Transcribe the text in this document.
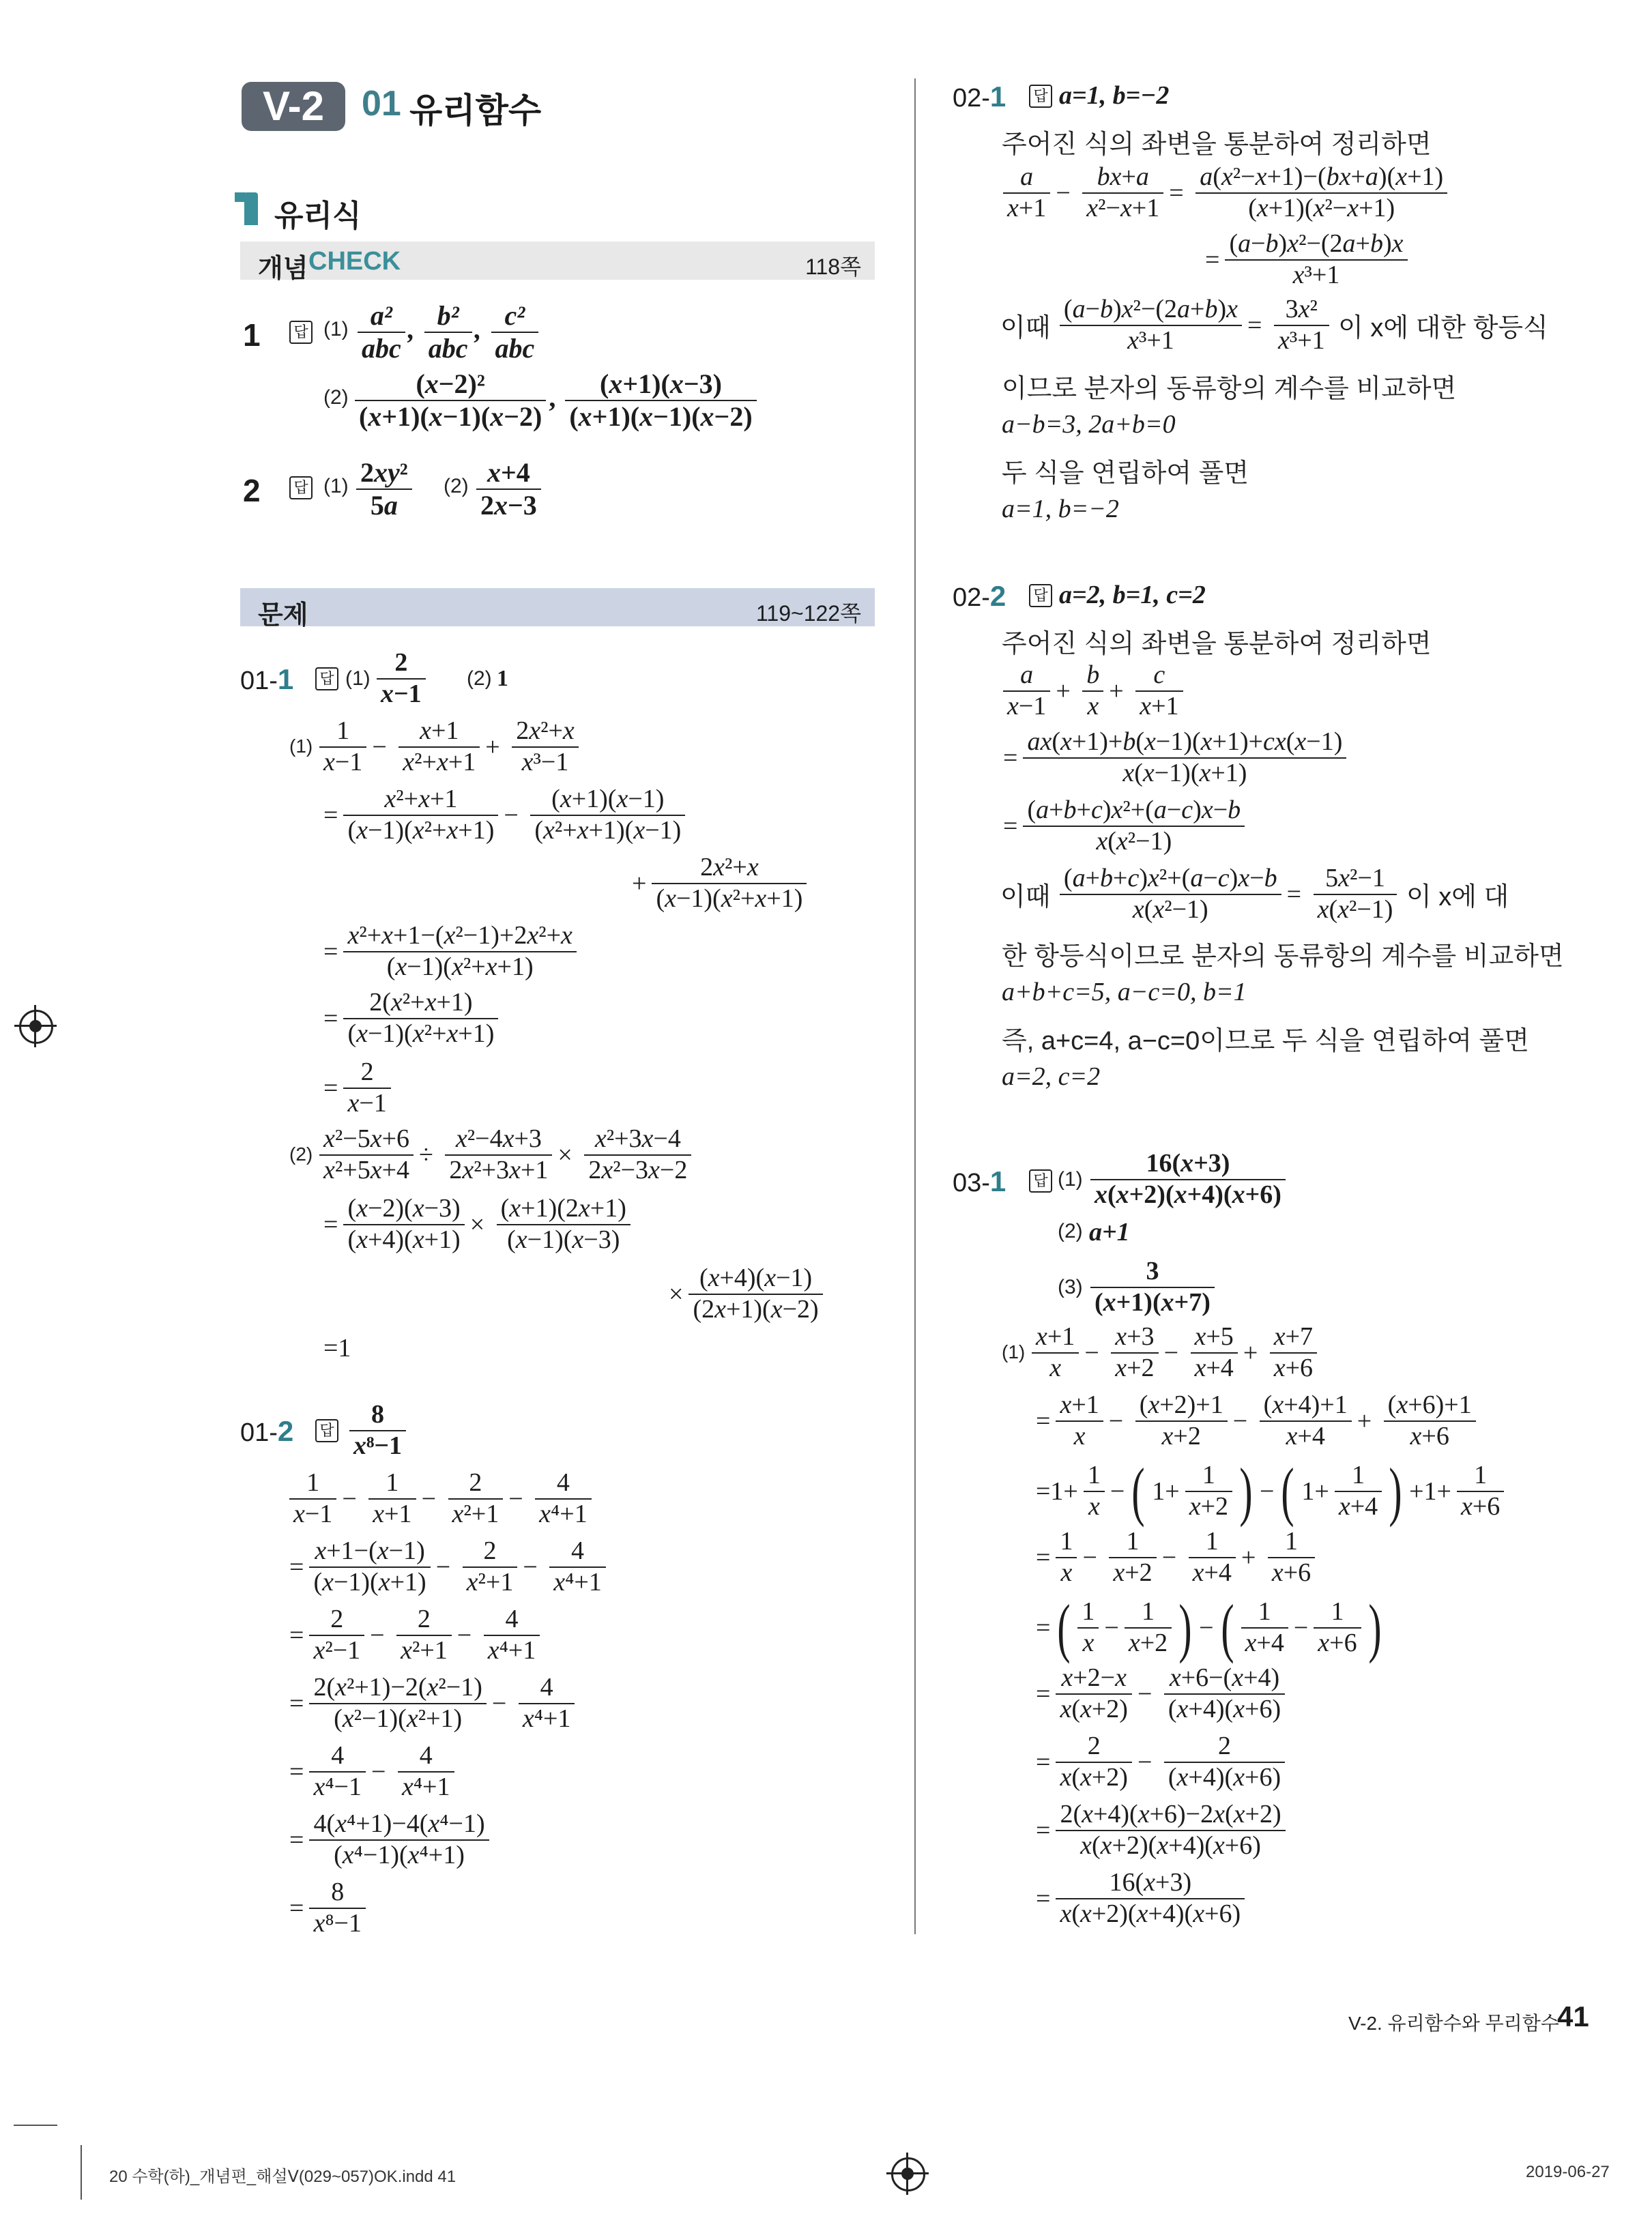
V-2	01 유리함수
유리식
개념 CHECK	118쪽
1 답 (1) a²
abc
, b²
abc
, c²
abc
$(2) \frac{\text{(x−2)²}}{(x+1)(x-1)(x-2)}$ , $\frac{(x+1)(x-3)}{(x+1)(x-1)(x-2)}$
2 답 $(1) \frac{\text{2xy²}}{5a} (2) \frac{x+4}{2x-3}$
문제	119~122쪽
01-1 답 $(1) \frac{2}{x-1} (2)$ 1
$(1) \frac{1}{x-1} - \frac{x+1}{\text{x²+x+1}} + \frac{\text{2x²+x}}{\text{x³−1}}$
= $\frac{\text{x²+x+1}}{\text{(x−1)(x²+x+1)}} - \frac{(x+1)(x-1)}{\text{(x²+x+1)(x−1)}}$
+ $\frac{\text{2x²+x}}{\text{(x−1)(x²+x+1)}}$
= $\frac{\text{x²+x+1−(x²−1)+2x²+x}}{\text{(x−1)(x²+x+1)}}$
= $\frac{\text{2(x²+x+1)}}{\text{(x−1)(x²+x+1)}}$
= $\frac{2}{x-1}$
$(2) \frac{\text{x²−5x+6}}{\text{x²+5x+4}} \div \frac{\text{x²−4x+3}}{\text{2x²+3x+1}} \times \frac{\text{x²+3x−4}}{\text{2x²−3x−2}}$
= $\frac{(x-2)(x-3)}{(x+4)(x+1)} \times \frac{(x+1)(2x+1)}{(x-1)(x-3)}$
× $\frac{(x+4)(x-1)}{(2x+1)(x-2)}$
=1
01-2 답 $\frac{8}{\text{x⁸−1}}$
$\frac{1}{x-1} - \frac{1}{x+1} - \frac{2}{\text{x²+1}} - \frac{4}{\text{x⁴+1}}$
= $\frac{x+1-(x-1)}{(x-1)(x+1)} - \frac{2}{\text{x²+1}} - \frac{4}{\text{x⁴+1}}$
= $\frac{2}{\text{x²−1}} - \frac{2}{\text{x²+1}} - \frac{4}{\text{x⁴+1}}$
= $\frac{\text{2(x²+1)−2(x²−1)}}{\text{(x²−1)(x²+1)}} - \frac{4}{\text{x⁴+1}}$
= $\frac{4}{\text{x⁴−1}} - \frac{4}{\text{x⁴+1}}$
= $\frac{\text{4(x⁴+1)−4(x⁴−1)}}{\text{(x⁴−1)(x⁴+1)}}$
= $\frac{8}{\text{x⁸−1}}$
02-1 답 a=1, b=−2
주어진 식의 좌변을 통분하여 정리하면
$\frac{a}{x+1} - \frac{bx+a}{\text{x²−x+1}} = \frac{\text{a(x²−x+1)−(bx+a)(x+1)}}{\text{(x+1)(x²−x+1)}}$
= $\frac{\text{(a−b)x²−(2a+b)x}}{\text{x³+1}}$
이때 $\frac{\text{(a−b)x²−(2a+b)x}}{\text{x³+1}} = \frac{\text{3x²}}{\text{x³+1}}$ 이 x에 대한 항등식
이므로 분자의 동류항의 계수를 비교하면
a−b=3, 2a+b=0
두 식을 연립하여 풀면
a=1, b=−2
02-2 답 a=2, b=1, c=2
주어진 식의 좌변을 통분하여 정리하면
$\frac{a}{x-1} + \frac{b}{x} + \frac{c}{x+1}$
= $\frac{ax(x+1)+b(x-1)(x+1)+cx(x-1)}{x(x-1)(x+1)}$
= $\frac{\text{(a+b+c)x²+(a−c)x−b}}{\text{x(x²−1)}}$
이때 $\frac{\text{(a+b+c)x²+(a−c)x−b}}{\text{x(x²−1)}} = \frac{\text{5x²−1}}{\text{x(x²−1)}}$ 이 x에 대
한 항등식이므로 분자의 동류항의 계수를 비교하면
a+b+c=5, a−c=0, b=1
즉, a+c=4, a−c=0이므로 두 식을 연립하여 풀면
a=2, c=2
03-1 답 $(1) \frac{16(x+3)}{x(x+2)(x+4)(x+6)}$
(2) a+1
$(3) \frac{3}{(x+1)(x+7)}$
$(1) \frac{x+1}{x} - \frac{x+3}{x+2} - \frac{x+5}{x+4} + \frac{x+7}{x+6}$
= $\frac{x+1}{x} - \frac{(x+2)+1}{x+2} - \frac{(x+4)+1}{x+4} + \frac{(x+6)+1}{x+6}$
$=1+ \frac{1}{x}$ − ( $1+ \frac{1}{x+2}$ ) − ( $1+ \frac{1}{x+4}$ ) $+1+ \frac{1}{x+6}$
= $\frac{1}{x} - \frac{1}{x+2} - \frac{1}{x+4} + \frac{1}{x+6}$
= ( $\frac{1}{x} - \frac{1}{x+2}$ ) − ( $\frac{1}{x+4} - \frac{1}{x+6}$ )
= $\frac{x+2-x}{x(x+2)} - \frac{x+6-(x+4)}{(x+4)(x+6)}$
= $\frac{2}{x(x+2)} - \frac{2}{(x+4)(x+6)}$
= $\frac{2(x+4)(x+6)-2x(x+2)}{x(x+2)(x+4)(x+6)}$
= $\frac{16(x+3)}{x(x+2)(x+4)(x+6)}$
V-2. 유리함수와 무리함수
41
20 수학(하)_개념편_해설Ⅴ(029~057)OK.indd 41	2019-06-27
